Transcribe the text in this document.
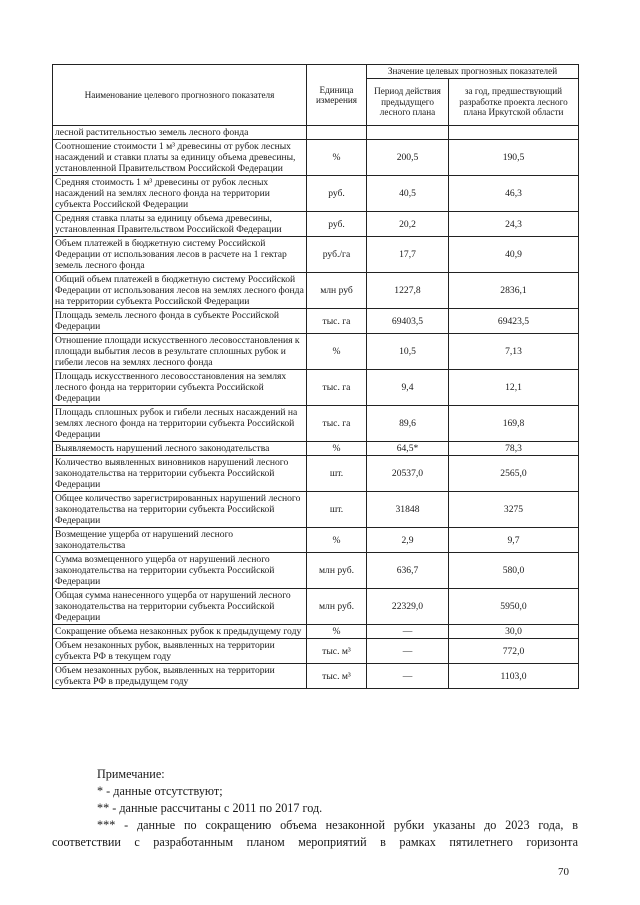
Наименование целевого прогнозного показателя	Единица измерения	Значение целевых прогнозных показателей	
		Период действия предыдущего лесного плана	за год, предшествующий разработке проекта лесного плана Иркутской области
лесной растительностью земель лесного фонда			
Соотношение стоимости 1 м³ древесины от рубок лесных насаждений и ставки платы за единицу объема древесины, установленной Правительством Российской Федерации	%	200,5	190,5
Средняя стоимость 1 м³ древесины от рубок лесных насаждений на землях лесного фонда на территории субъекта Российской Федерации	руб.	40,5	46,3
Средняя ставка платы за единицу объема древесины, установленная Правительством Российской Федерации	руб.	20,2	24,3
Объем платежей в бюджетную систему Российской Федерации от использования лесов в расчете на 1 гектар земель лесного фонда	руб./га	17,7	40,9
Общий объем платежей в бюджетную систему Российской Федерации от использования лесов на землях лесного фонда на территории субъекта Российской Федерации	млн руб	1227,8	2836,1
Площадь земель лесного фонда в субъекте Российской Федерации	тыс. га	69403,5	69423,5
Отношение площади искусственного лесовосстановления к площади выбытия лесов в результате сплошных рубок и гибели лесов на землях лесного фонда	%	10,5	7,13
Площадь искусственного лесовосстановления на землях лесного фонда на территории субъекта Российской Федерации	тыс. га	9,4	12,1
Площадь сплошных рубок и гибели лесных насаждений на землях лесного фонда на территории субъекта Российской Федерации	тыс. га	89,6	169,8
Выявляемость нарушений лесного законодательства	%	64,5*	78,3
Количество выявленных виновников нарушений лесного законодательства на территории субъекта Российской Федерации	шт.	20537,0	2565,0
Общее количество зарегистрированных нарушений лесного законодательства на территории субъекта Российской Федерации	шт.	31848	3275
Возмещение ущерба от нарушений лесного законодательства	%	2,9	9,7
Сумма возмещенного ущерба от нарушений лесного законодательства на территории субъекта Российской Федерации	млн руб.	636,7	580,0
Общая сумма нанесенного ущерба от нарушений лесного законодательства на территории субъекта Российской Федерации	млн руб.	22329,0	5950,0
Сокращение объема незаконных рубок к предыдущему году	%	—	30,0
Объем незаконных рубок, выявленных на территории субъекта РФ в текущем году	тыс. м³	—	772,0
Объем незаконных рубок, выявленных на территории субъекта РФ в предыдущем году	тыс. м³	—	1103,0
Примечание:
* - данные отсутствуют;
** - данные рассчитаны с 2011 по 2017 год.
*** - данные по сокращению объема незаконной рубки указаны до 2023 года, в
соответствии с разработанным планом мероприятий в рамках пятилетнего горизонта
70
